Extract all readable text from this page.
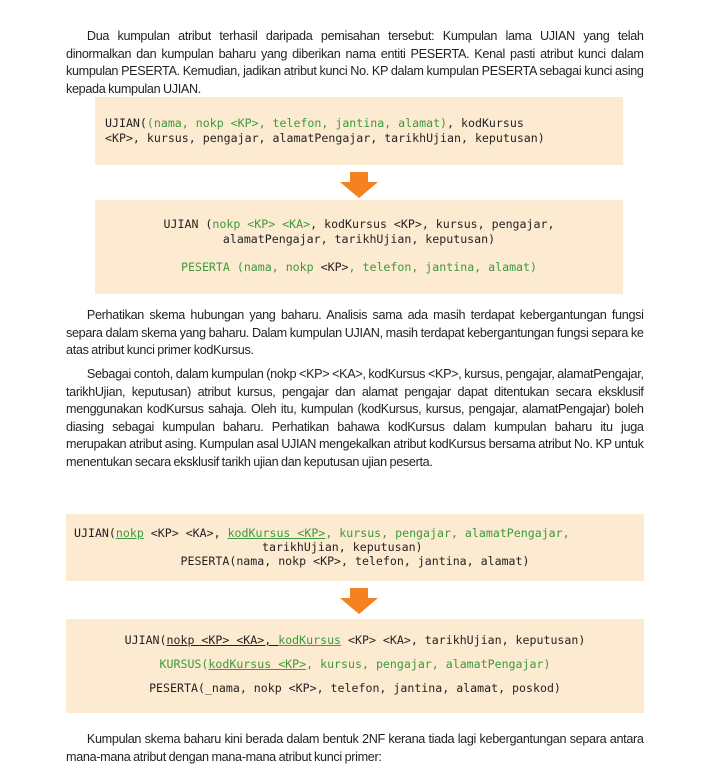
Dua kumpulan atribut terhasil daripada pemisahan tersebut: Kumpulan lama UJIAN yang telah dinormalkan dan kumpulan baharu yang diberikan nama entiti PESERTA. Kenal pasti atribut kunci dalam kumpulan PESERTA. Kemudian, jadikan atribut kunci No. KP dalam kumpulan PESERTA sebagai kunci asing kepada kumpulan UJIAN.

UJIAN((nama, nokp <KP>, telefon, jantina, alamat), kodKursus
<KP>, kursus, pengajar, alamatPengajar, tarikhUjian, keputusan)
UJIAN (nokp <KP> <KA>, kodKursus <KP>, kursus, pengajar,
alamatPengajar, tarikhUjian, keputusan)
PESERTA (nama, nokp <KP>, telefon, jantina, alamat)

Perhatikan skema hubungan yang baharu. Analisis sama ada masih terdapat kebergantungan fungsi separa dalam skema yang baharu. Dalam kumpulan UJIAN, masih terdapat kebergantungan fungsi separa ke atas atribut kunci primer kodKursus.

Sebagai contoh, dalam kumpulan (nokp <KP> <KA>, kodKursus <KP>, kursus, pengajar, alamatPengajar, tarikhUjian, keputusan) atribut kursus, pengajar dan alamat pengajar dapat ditentukan secara eksklusif menggunakan kodKursus sahaja. Oleh itu, kumpulan (kodKursus, kursus, pengajar, alamatPengajar) boleh diasing sebagai kumpulan baharu. Perhatikan bahawa kodKursus dalam kumpulan baharu itu juga merupakan atribut asing. Kumpulan asal UJIAN mengekalkan atribut kodKursus bersama atribut No. KP untuk menentukan secara eksklusif tarikh ujian dan keputusan ujian peserta.

UJIAN(nokp <KP> <KA>, kodKursus <KP>, kursus, pengajar, alamatPengajar,
tarikhUjian, keputusan)
PESERTA(nama, nokp <KP>, telefon, jantina, alamat)
UJIAN(nokp <KP> <KA>, kodKursus <KP> <KA>, tarikhUjian, keputusan)
KURSUS(kodKursus <KP>, kursus, pengajar, alamatPengajar)
PESERTA(_nama, nokp <KP>, telefon, jantina, alamat, poskod)

Kumpulan skema baharu kini berada dalam bentuk 2NF kerana tiada lagi kebergantungan separa antara mana-mana atribut dengan mana-mana atribut kunci primer:
